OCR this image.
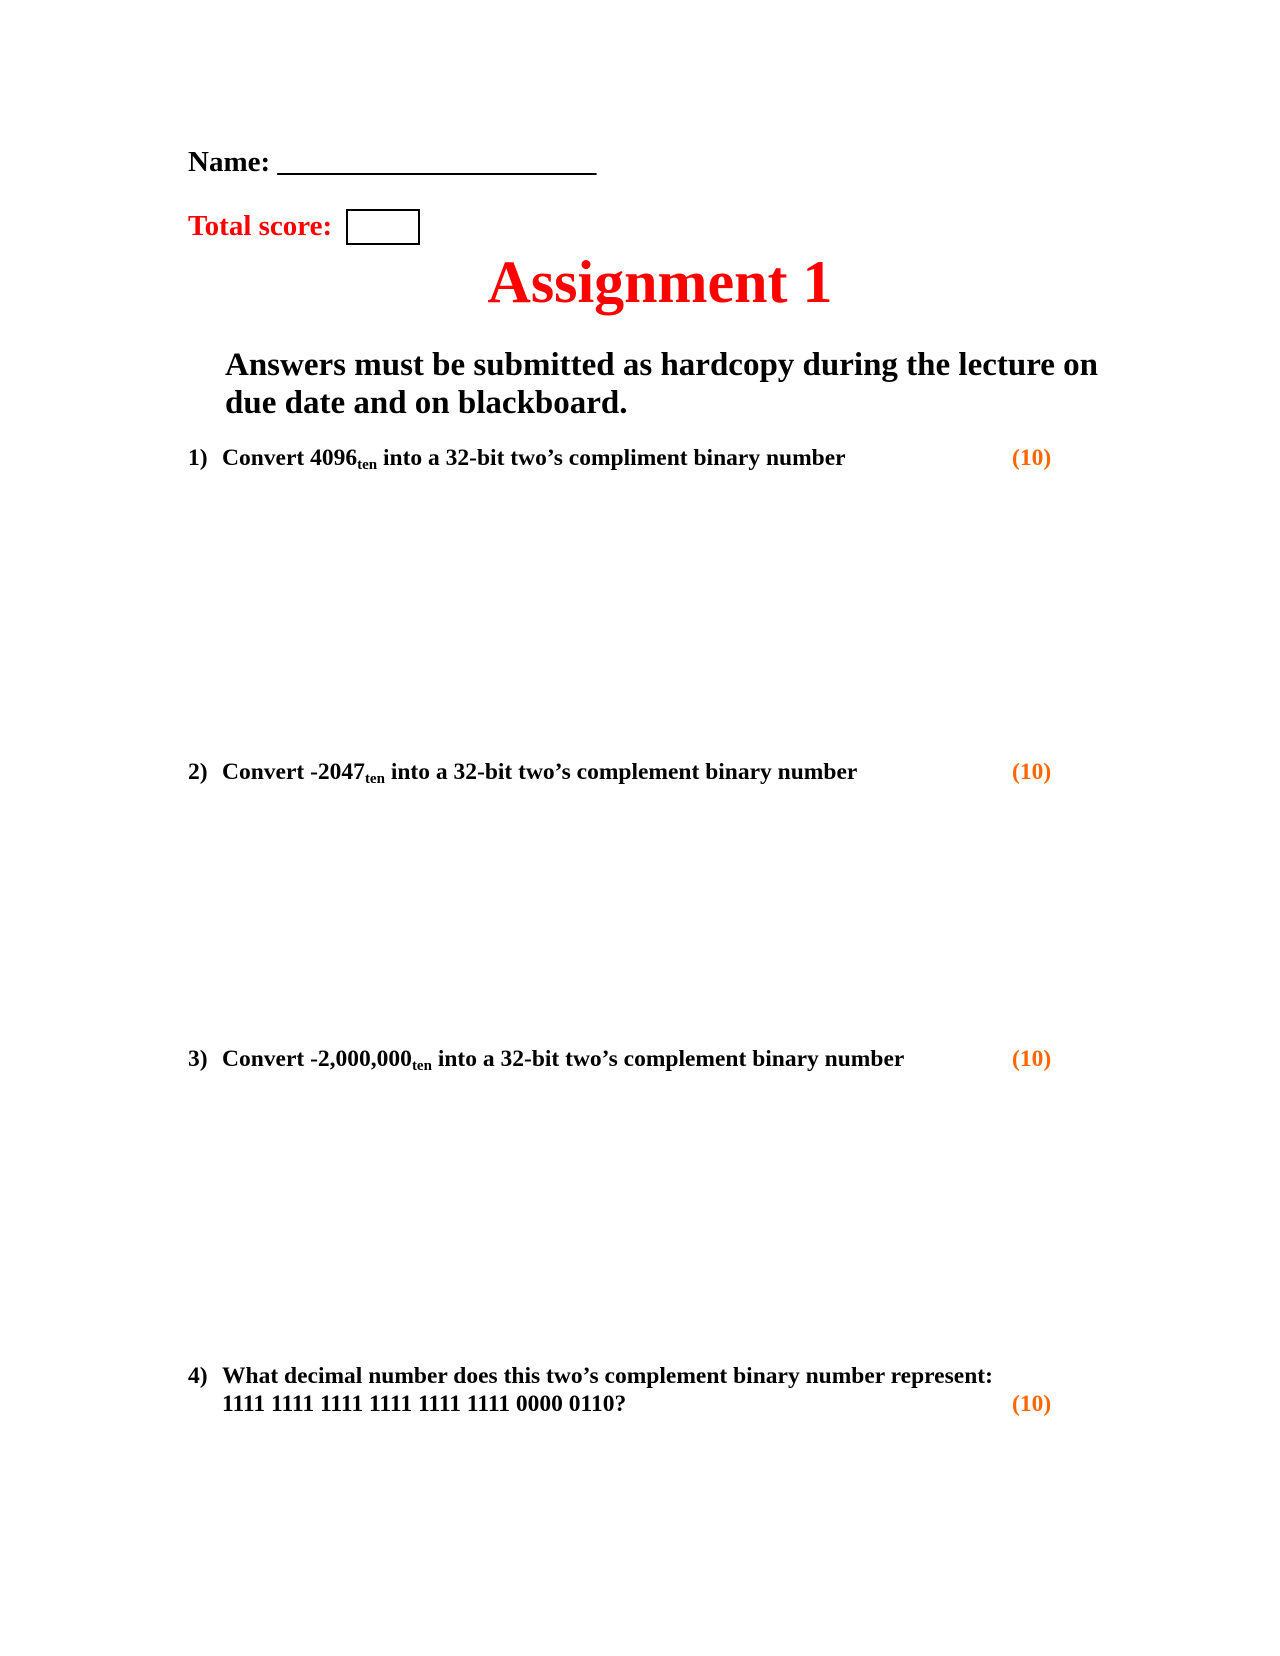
Name: ______________________
Total score:
Assignment 1
Answers must be submitted as hardcopy during the lecture on due date and on blackboard.
1) Convert $4096_{ten}$ into a 32-bit two’s compliment binary number	(10)
2) Convert $-2047_{ten}$ into a 32-bit two’s complement binary number	(10)
3) Convert $-2,000,000_{ten}$ into a 32-bit two’s complement binary number	(10)
4) What decimal number does this two’s complement binary number represent:
1111 1111 1111 1111 1111 1111 0000 0110?	(10)
